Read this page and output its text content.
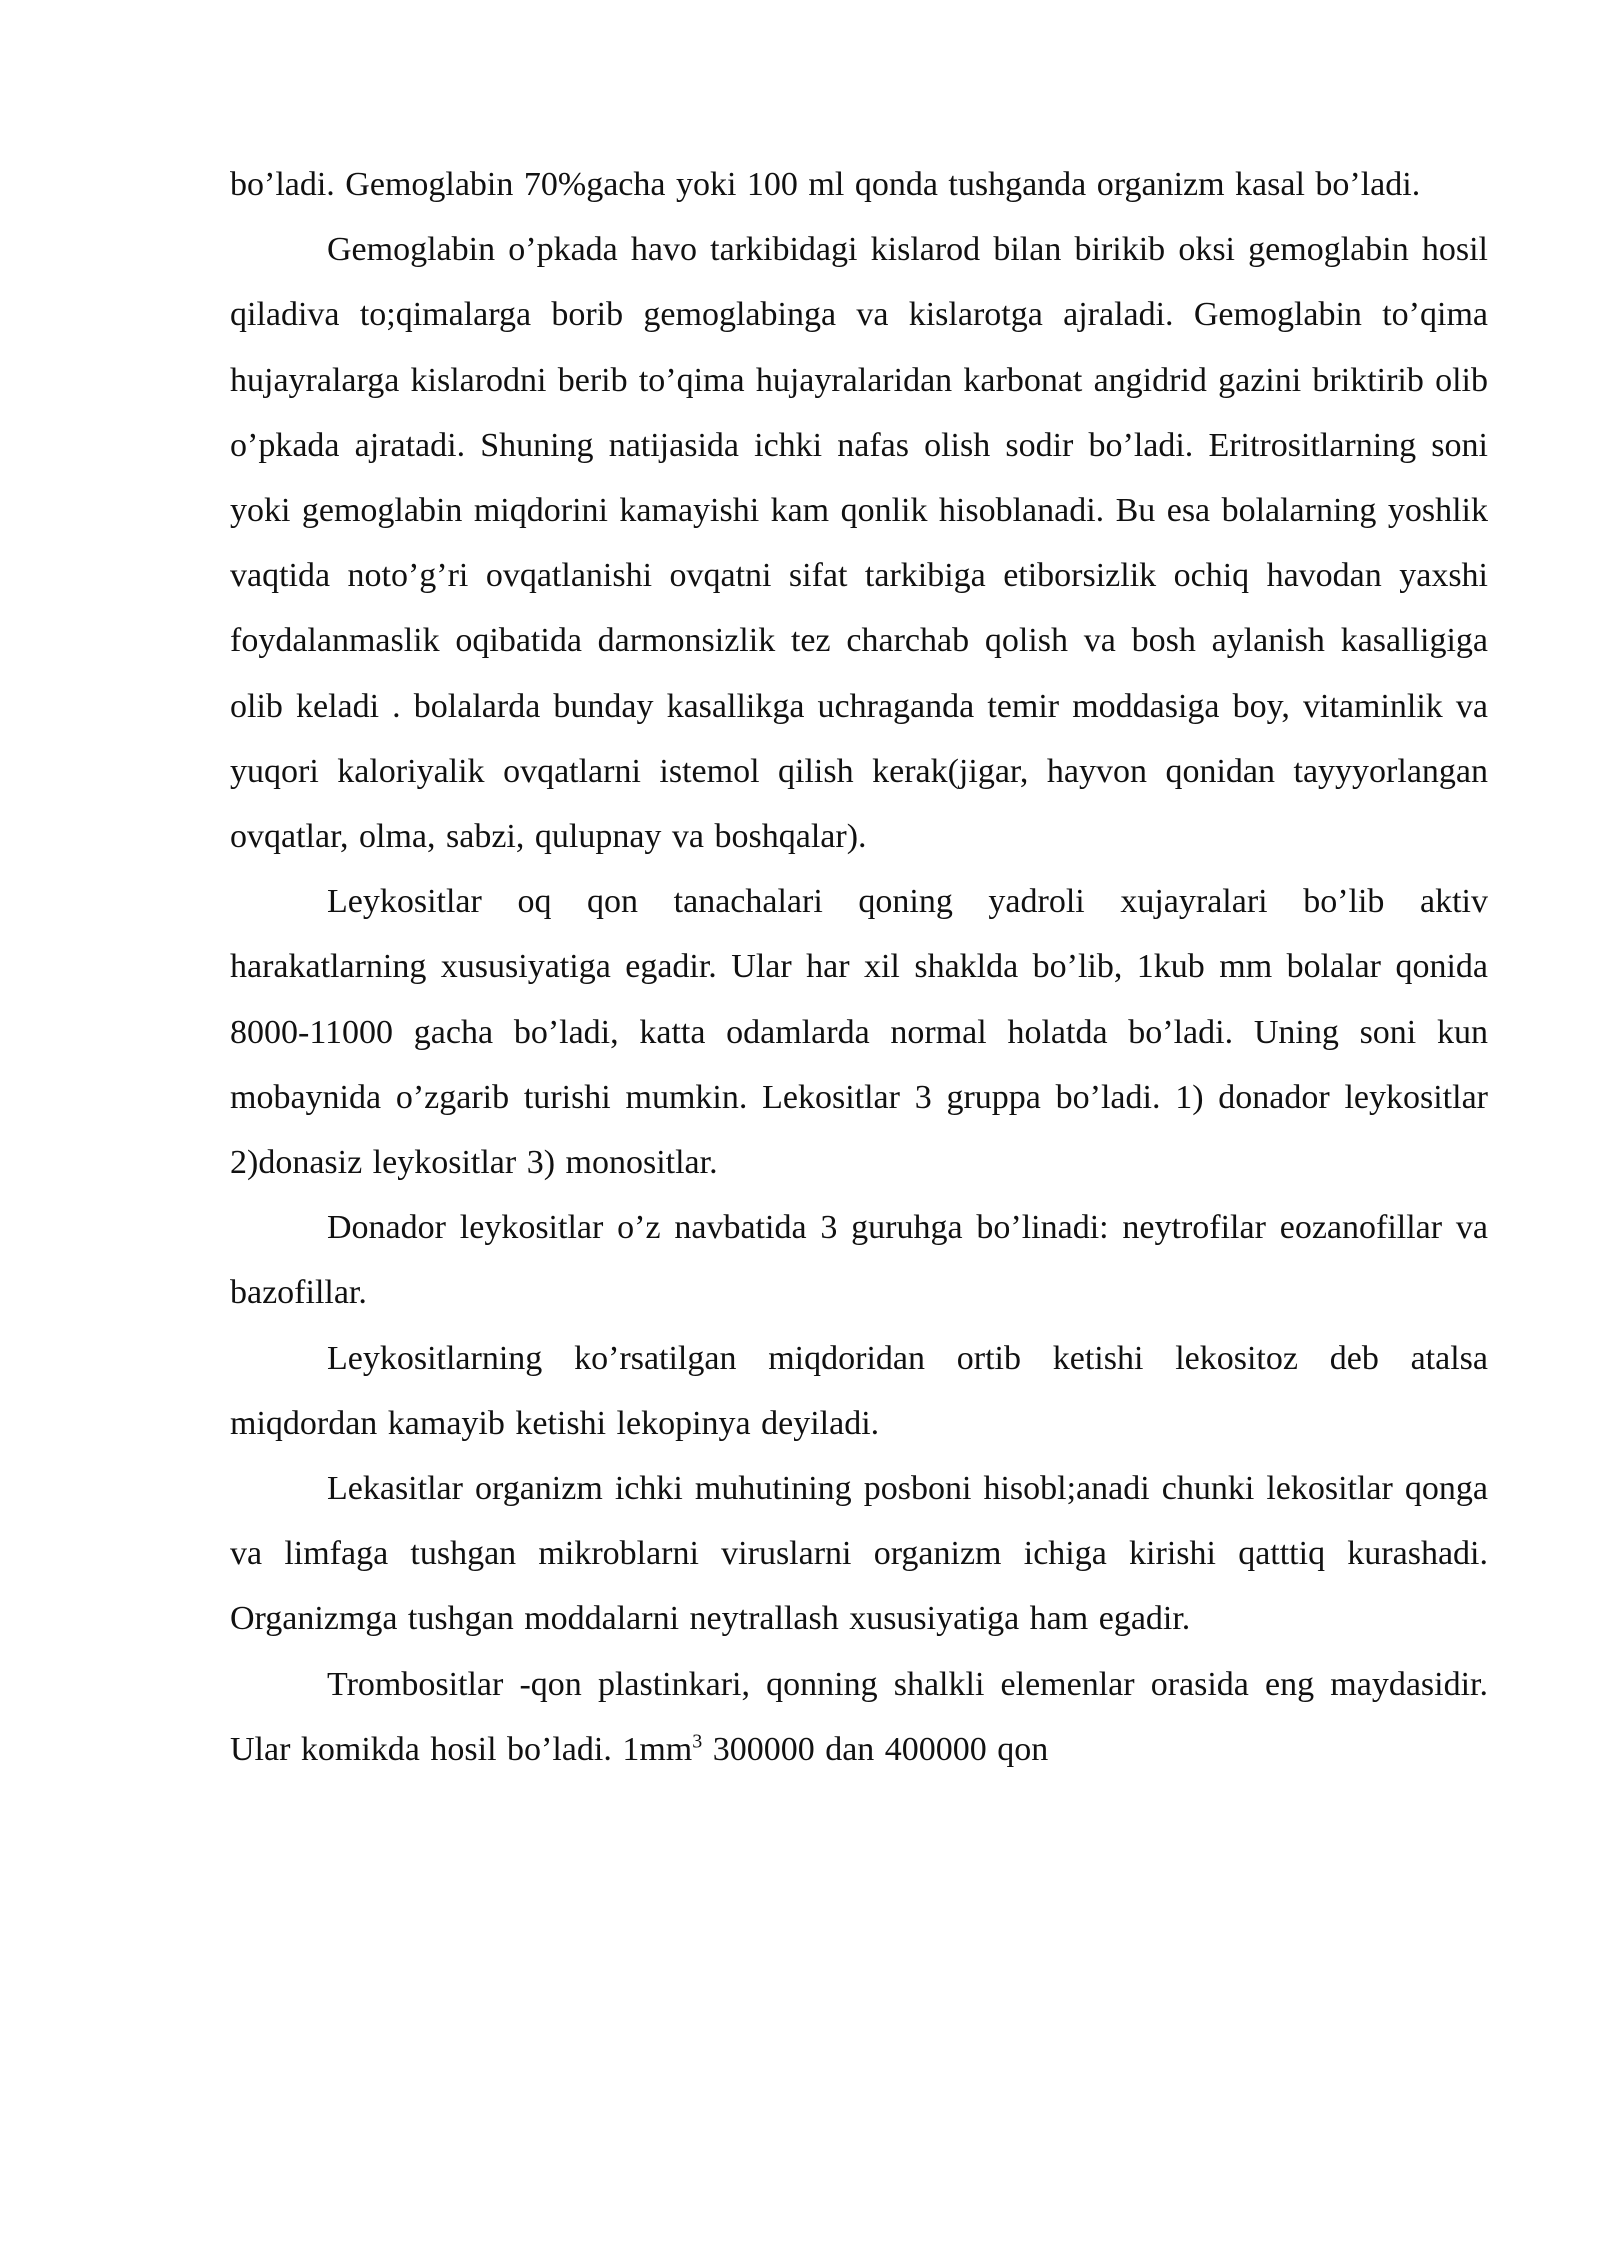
bo’ladi. Gemoglabin 70%gacha yoki 100 ml qonda tushganda organizm kasal bo’ladi.

Gemoglabin o’pkada havo tarkibidagi kislarod bilan birikib oksi gemoglabin hosil qiladiva to;qimalarga borib gemoglabinga va kislarotga ajraladi. Gemoglabin to’qima hujayralarga kislarodni berib to’qima hujayralaridan karbonat angidrid gazini briktirib olib o’pkada ajratadi. Shuning natijasida ichki nafas olish sodir bo’ladi. Eritrositlarning soni yoki gemoglabin miqdorini kamayishi kam qonlik hisoblanadi. Bu esa bolalarning yoshlik vaqtida noto’g’ri ovqatlanishi ovqatni sifat tarkibiga etiborsizlik ochiq havodan yaxshi foydalanmaslik oqibatida darmonsizlik tez charchab qolish va bosh aylanish kasalligiga olib keladi . bolalarda bunday kasallikga uchraganda temir moddasiga boy, vitaminlik va yuqori kaloriyalik ovqatlarni istemol qilish kerak(jigar, hayvon qonidan tayyyorlangan ovqatlar, olma, sabzi, qulupnay va boshqalar).

Leykositlar oq qon tanachalari qoning yadroli xujayralari bo’lib aktiv harakatlarning xususiyatiga egadir. Ular har xil shaklda bo’lib, 1kub mm bolalar qonida 8000-11000 gacha bo’ladi, katta odamlarda normal holatda bo’ladi. Uning soni kun mobaynida o’zgarib turishi mumkin. Lekositlar 3 gruppa bo’ladi. 1) donador leykositlar 2)donasiz leykositlar 3) monositlar.

Donador leykositlar o’z navbatida 3 guruhga bo’linadi: neytrofilar eozanofillar va bazofillar.

Leykositlarning ko’rsatilgan miqdoridan ortib ketishi lekositoz deb atalsa miqdordan kamayib ketishi lekopinya deyiladi.

Lekasitlar organizm ichki muhutining posboni hisobl;anadi chunki lekositlar qonga va limfaga tushgan mikroblarni viruslarni organizm ichiga kirishi qatttiq kurashadi. Organizmga tushgan moddalarni neytrallash xususiyatiga ham egadir.

Trombositlar -qon plastinkari, qonning shalkli elemenlar orasida eng maydasidir. Ular komikda hosil bo’ladi. $1mm^3$ 300000 dan 400000 qon
